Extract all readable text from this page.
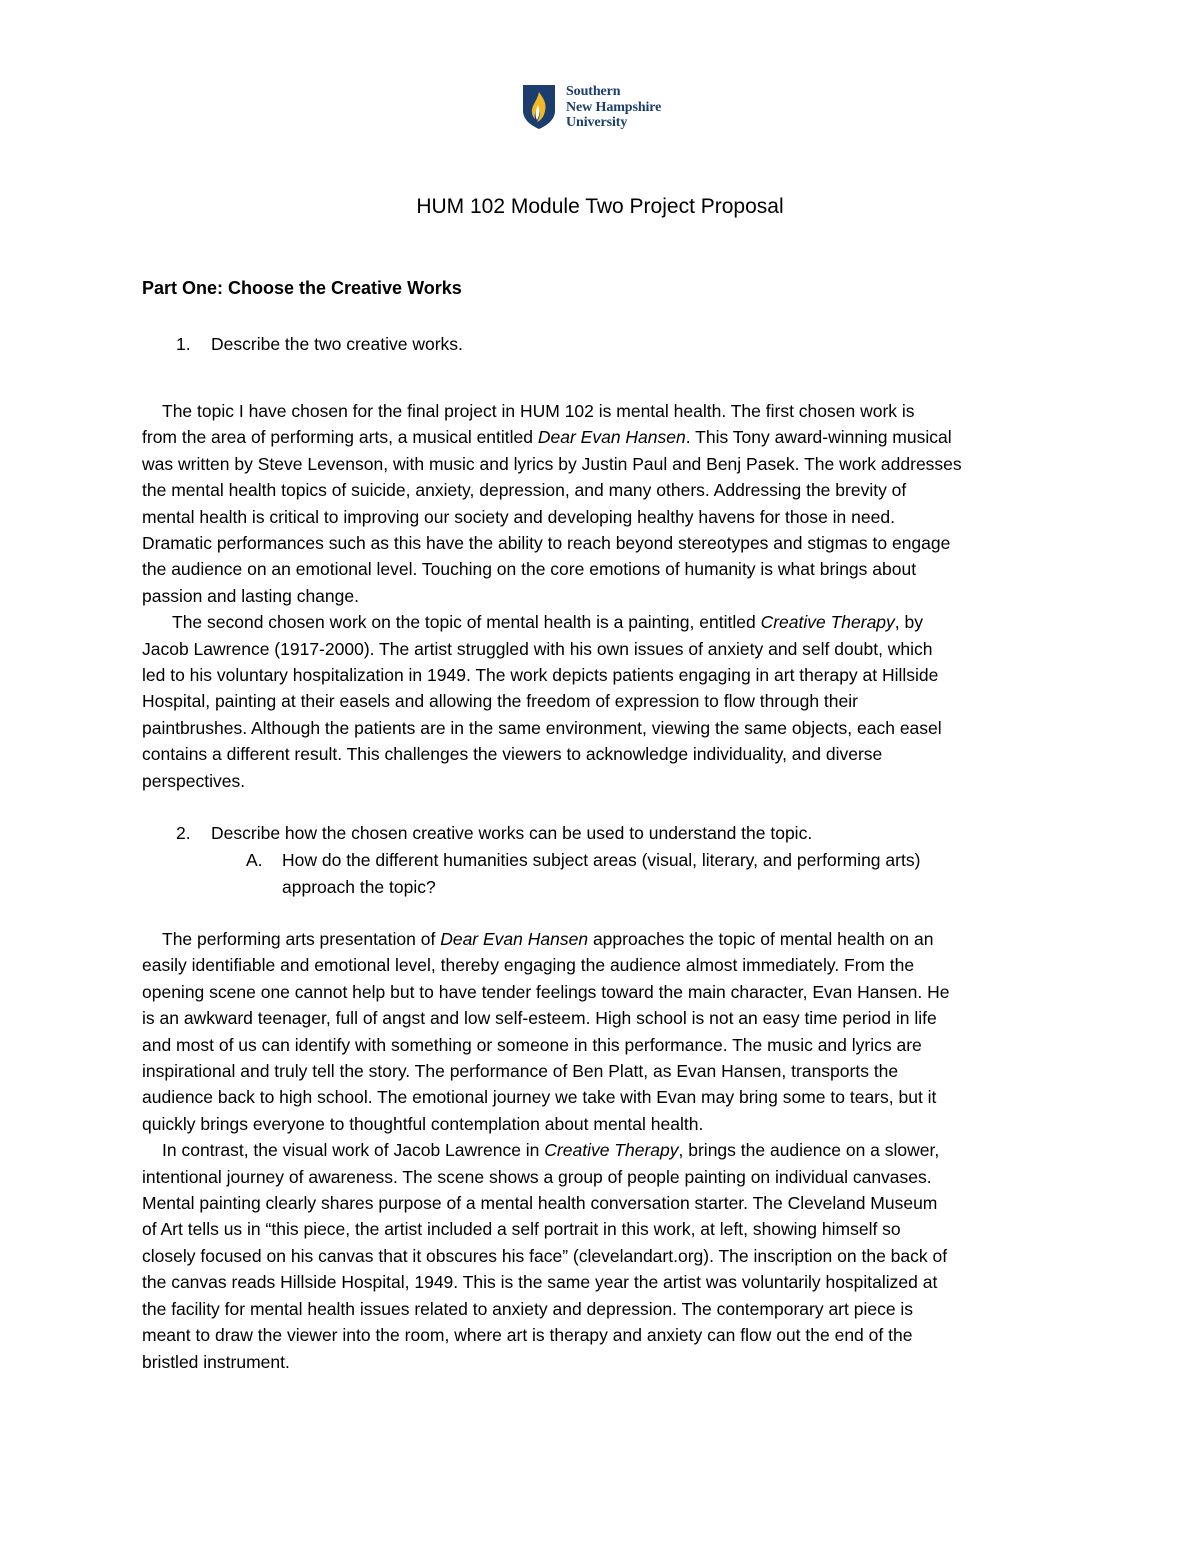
Southern
New Hampshire
University
HUM 102 Module Two Project Proposal
Part One: Choose the Creative Works
1. Describe the two creative works.
The topic I have chosen for the final project in HUM 102 is mental health. The first chosen work is
from the area of performing arts, a musical entitled Dear Evan Hansen. This Tony award-winning musical
was written by Steve Levenson, with music and lyrics by Justin Paul and Benj Pasek. The work addresses
the mental health topics of suicide, anxiety, depression, and many others. Addressing the brevity of
mental health is critical to improving our society and developing healthy havens for those in need.
Dramatic performances such as this have the ability to reach beyond stereotypes and stigmas to engage
the audience on an emotional level. Touching on the core emotions of humanity is what brings about
passion and lasting change.
The second chosen work on the topic of mental health is a painting, entitled Creative Therapy, by
Jacob Lawrence (1917-2000). The artist struggled with his own issues of anxiety and self doubt, which
led to his voluntary hospitalization in 1949. The work depicts patients engaging in art therapy at Hillside
Hospital, painting at their easels and allowing the freedom of expression to flow through their
paintbrushes. Although the patients are in the same environment, viewing the same objects, each easel
contains a different result. This challenges the viewers to acknowledge individuality, and diverse
perspectives.
2. Describe how the chosen creative works can be used to understand the topic.
A. How do the different humanities subject areas (visual, literary, and performing arts)
approach the topic?
The performing arts presentation of Dear Evan Hansen approaches the topic of mental health on an
easily identifiable and emotional level, thereby engaging the audience almost immediately. From the
opening scene one cannot help but to have tender feelings toward the main character, Evan Hansen. He
is an awkward teenager, full of angst and low self-esteem. High school is not an easy time period in life
and most of us can identify with something or someone in this performance. The music and lyrics are
inspirational and truly tell the story. The performance of Ben Platt, as Evan Hansen, transports the
audience back to high school. The emotional journey we take with Evan may bring some to tears, but it
quickly brings everyone to thoughtful contemplation about mental health.
In contrast, the visual work of Jacob Lawrence in Creative Therapy, brings the audience on a slower,
intentional journey of awareness. The scene shows a group of people painting on individual canvases.
Mental painting clearly shares purpose of a mental health conversation starter. The Cleveland Museum
of Art tells us in “this piece, the artist included a self portrait in this work, at left, showing himself so
closely focused on his canvas that it obscures his face” (clevelandart.org). The inscription on the back of
the canvas reads Hillside Hospital, 1949. This is the same year the artist was voluntarily hospitalized at
the facility for mental health issues related to anxiety and depression. The contemporary art piece is
meant to draw the viewer into the room, where art is therapy and anxiety can flow out the end of the
bristled instrument.
